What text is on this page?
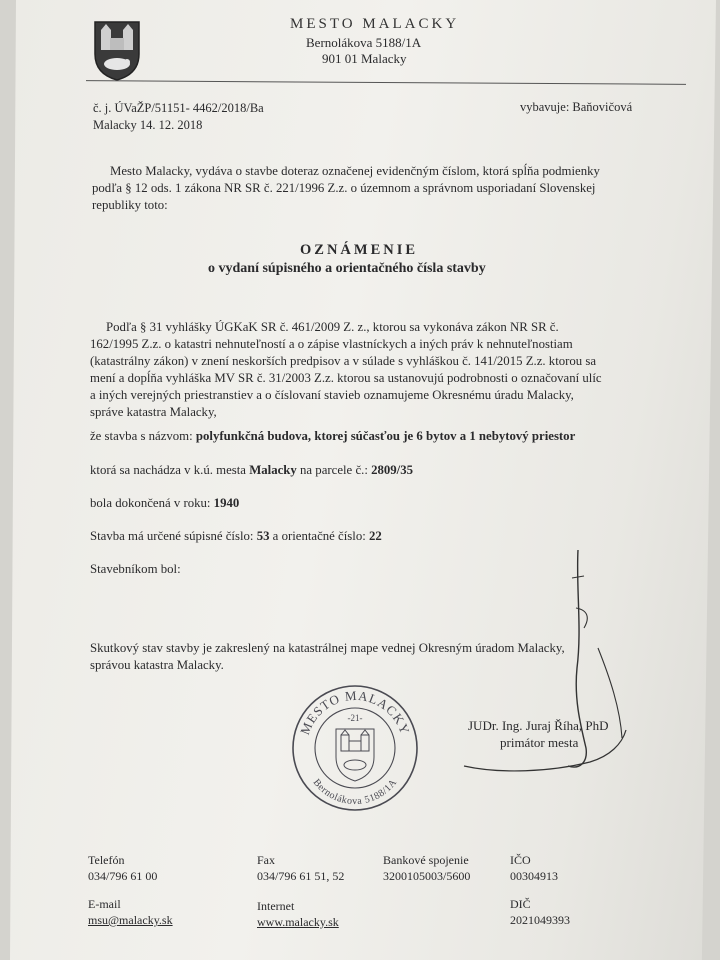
MESTO MALACKY
Bernolákova 5188/1A
901 01 Malacky
č. j. ÚVaŽP/51151- 4462/2018/Ba
Malacky 14. 12. 2018
vybavuje: Baňovičová
Mesto Malacky, vydáva o stavbe doteraz označenej evidenčným číslom, ktorá spĺňa podmienky
podľa § 12 ods. 1 zákona NR SR č. 221/1996 Z.z. o územnom a správnom usporiadaní Slovenskej
republiky toto:
OZNÁMENIE
o vydaní súpisného a orientačného čísla stavby
Podľa § 31 vyhlášky ÚGKaK SR č. 461/2009 Z. z., ktorou sa vykonáva zákon NR SR č.
162/1995 Z.z. o katastri nehnuteľností a o zápise vlastníckych a iných práv k nehnuteľnostiam
(katastrálny zákon) v znení neskorších predpisov a v súlade s vyhláškou č. 141/2015 Z.z. ktorou sa
mení a dopĺňa vyhláška MV SR č. 31/2003 Z.z. ktorou sa ustanovujú podrobnosti o označovaní ulíc
a iných verejných priestranstiev a o číslovaní stavieb oznamujeme Okresnému úradu Malacky,
správe katastra Malacky,
že stavba s názvom: polyfunkčná budova, ktorej súčasťou je 6 bytov a 1 nebytový priestor
ktorá sa nachádza v k.ú. mesta Malacky na parcele č.: 2809/35
bola dokončená v roku: 1940
Stavba má určené súpisné číslo: 53 a orientačné číslo: 22
Stavebníkom bol:
Skutkový stav stavby je zakreslený na katastrálnej mape vednej Okresným úradom Malacky,
správou katastra Malacky.
MESTO MALACKY
Bernolákova 5188/1A
-21-	JUDr. Ing. Juraj Říha, PhD
primátor mesta
Telefón
034/796 61 00
Fax
034/796 61 51, 52
Bankové spojenie
3200105003/5600
IČO
00304913
E-mail
msu@malacky.sk
Internet
www.malacky.sk
DIČ
2021049393
